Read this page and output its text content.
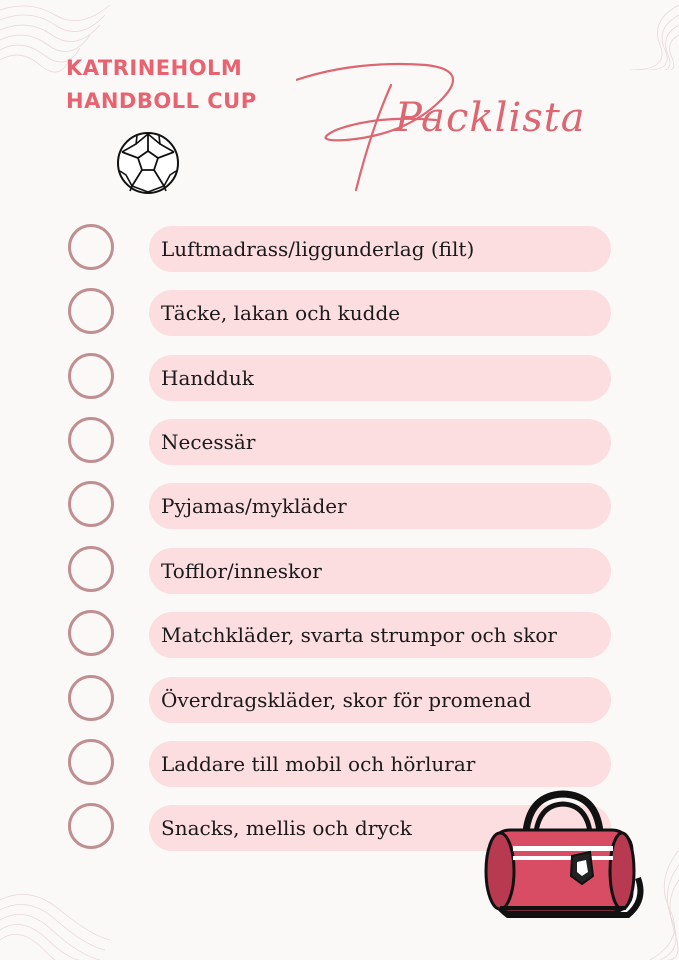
KATRINEHOLM
HANDBOLL CUP	Packlista
Luftmadrass/liggunderlag (filt)
Täcke, lakan och kudde
Handduk
Necessär
Pyjamas/mykläder
Tofflor/inneskor
Matchkläder, svarta strumpor och skor
Överdragskläder, skor för promenad
Laddare till mobil och hörlurar
Snacks, mellis och dryck
